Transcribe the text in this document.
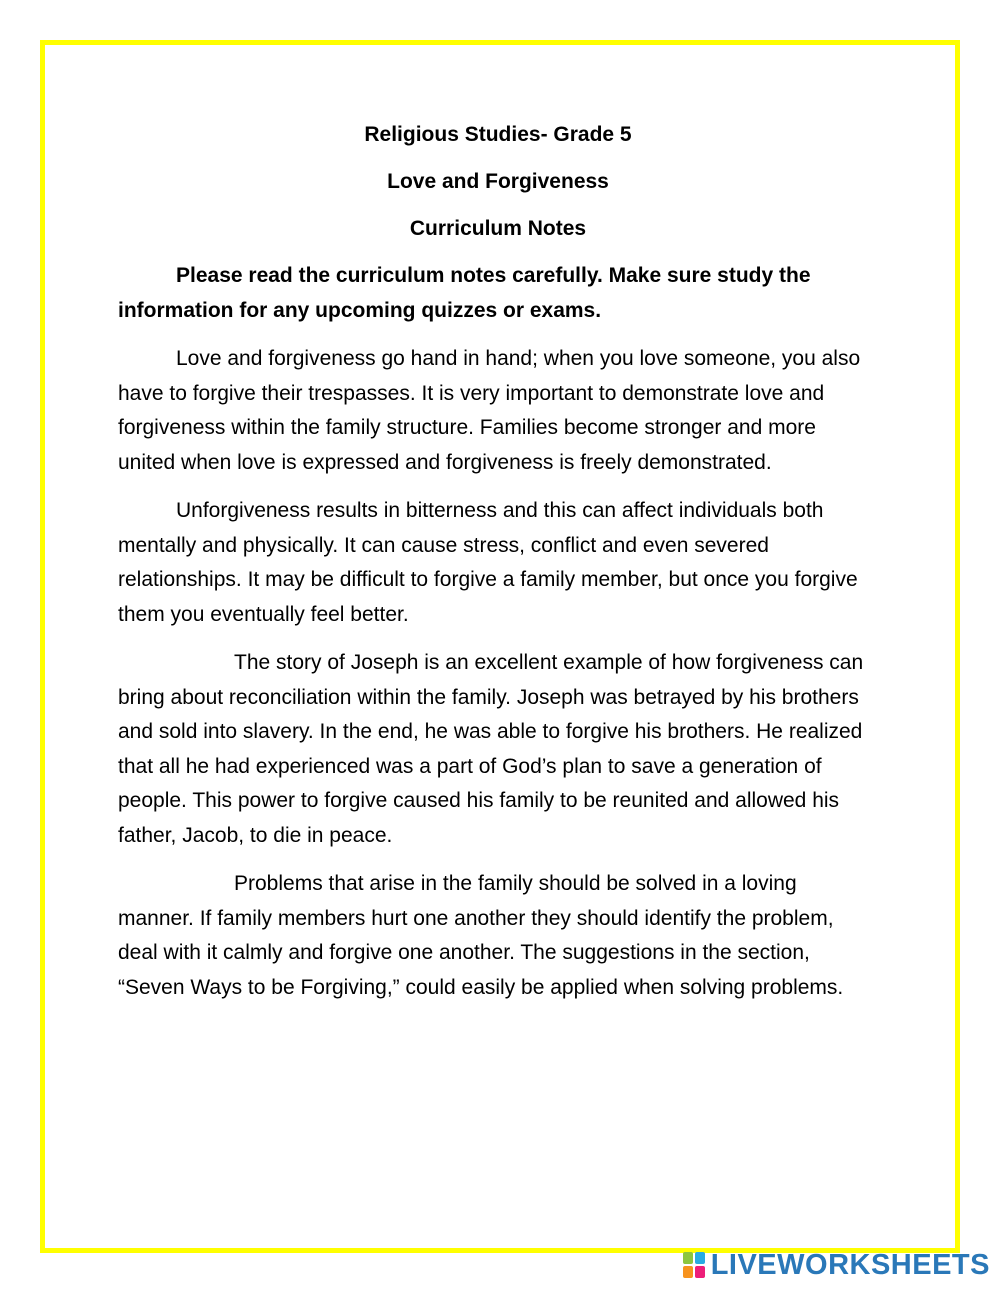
Religious Studies- Grade 5

Love and Forgiveness

Curriculum Notes

Please read the curriculum notes carefully. Make sure study the information for any upcoming quizzes or exams.

Love and forgiveness go hand in hand; when you love someone, you also have to forgive their trespasses. It is very important to demonstrate love and forgiveness within the family structure. Families become stronger and more united when love is expressed and forgiveness is freely demonstrated.

Unforgiveness results in bitterness and this can affect individuals both mentally and physically. It can cause stress, conflict and even severed relationships. It may be difficult to forgive a family member, but once you forgive them you eventually feel better.

The story of Joseph is an excellent example of how forgiveness can bring about reconciliation within the family. Joseph was betrayed by his brothers and sold into slavery. In the end, he was able to forgive his brothers. He realized that all he had experienced was a part of God’s plan to save a generation of people. This power to forgive caused his family to be reunited and allowed his father, Jacob, to die in peace.

Problems that arise in the family should be solved in a loving manner. If family members hurt one another they should identify the problem, deal with it calmly and forgive one another. The suggestions in the section, “Seven Ways to be Forgiving,” could easily be applied when solving problems.

LIVEWORKSHEETS
